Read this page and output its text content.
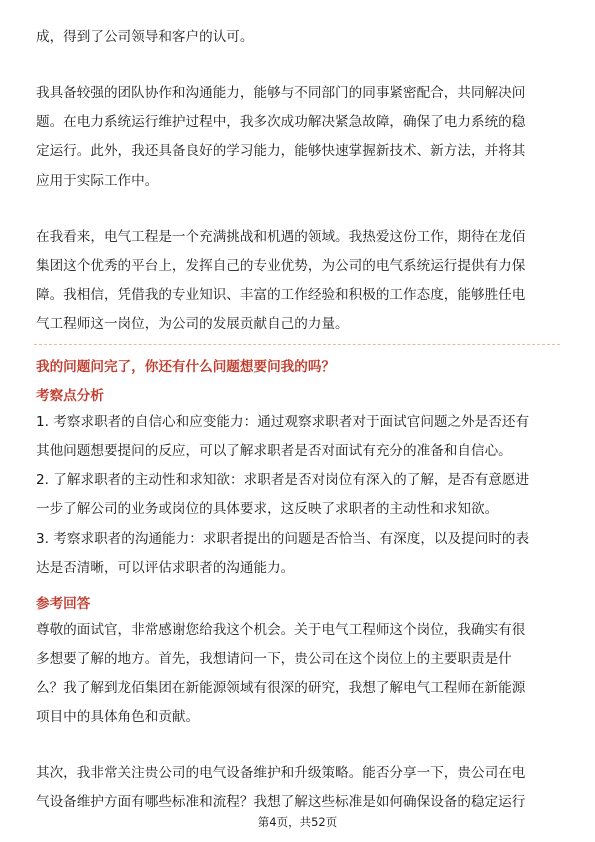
成，得到了公司领导和客户的认可。
我具备较强的团队协作和沟通能力，能够与不同部门的同事紧密配合，共同解决问
题。在电力系统运行维护过程中，我多次成功解决紧急故障，确保了电力系统的稳
定运行。此外，我还具备良好的学习能力，能够快速掌握新技术、新方法，并将其
应用于实际工作中。
在我看来，电气工程是一个充满挑战和机遇的领域。我热爱这份工作，期待在龙佰
集团这个优秀的平台上，发挥自己的专业优势，为公司的电气系统运行提供有力保
障。我相信，凭借我的专业知识、丰富的工作经验和积极的工作态度，能够胜任电
气工程师这一岗位，为公司的发展贡献自己的力量。
我的问题问完了，你还有什么问题想要问我的吗？
考察点分析
1. 考察求职者的自信心和应变能力：通过观察求职者对于面试官问题之外是否还有
其他问题想要提问的反应，可以了解求职者是否对面试有充分的准备和自信心。
2. 了解求职者的主动性和求知欲：求职者是否对岗位有深入的了解，是否有意愿进
一步了解公司的业务或岗位的具体要求，这反映了求职者的主动性和求知欲。
3. 考察求职者的沟通能力：求职者提出的问题是否恰当、有深度，以及提问时的表
达是否清晰，可以评估求职者的沟通能力。
参考回答
尊敬的面试官，非常感谢您给我这个机会。关于电气工程师这个岗位，我确实有很
多想要了解的地方。首先，我想请问一下，贵公司在这个岗位上的主要职责是什
么？我了解到龙佰集团在新能源领域有很深的研究，我想了解电气工程师在新能源
项目中的具体角色和贡献。
其次，我非常关注贵公司的电气设备维护和升级策略。能否分享一下，贵公司在电
气设备维护方面有哪些标准和流程？我想了解这些标准是如何确保设备的稳定运行
第4页，共52页
